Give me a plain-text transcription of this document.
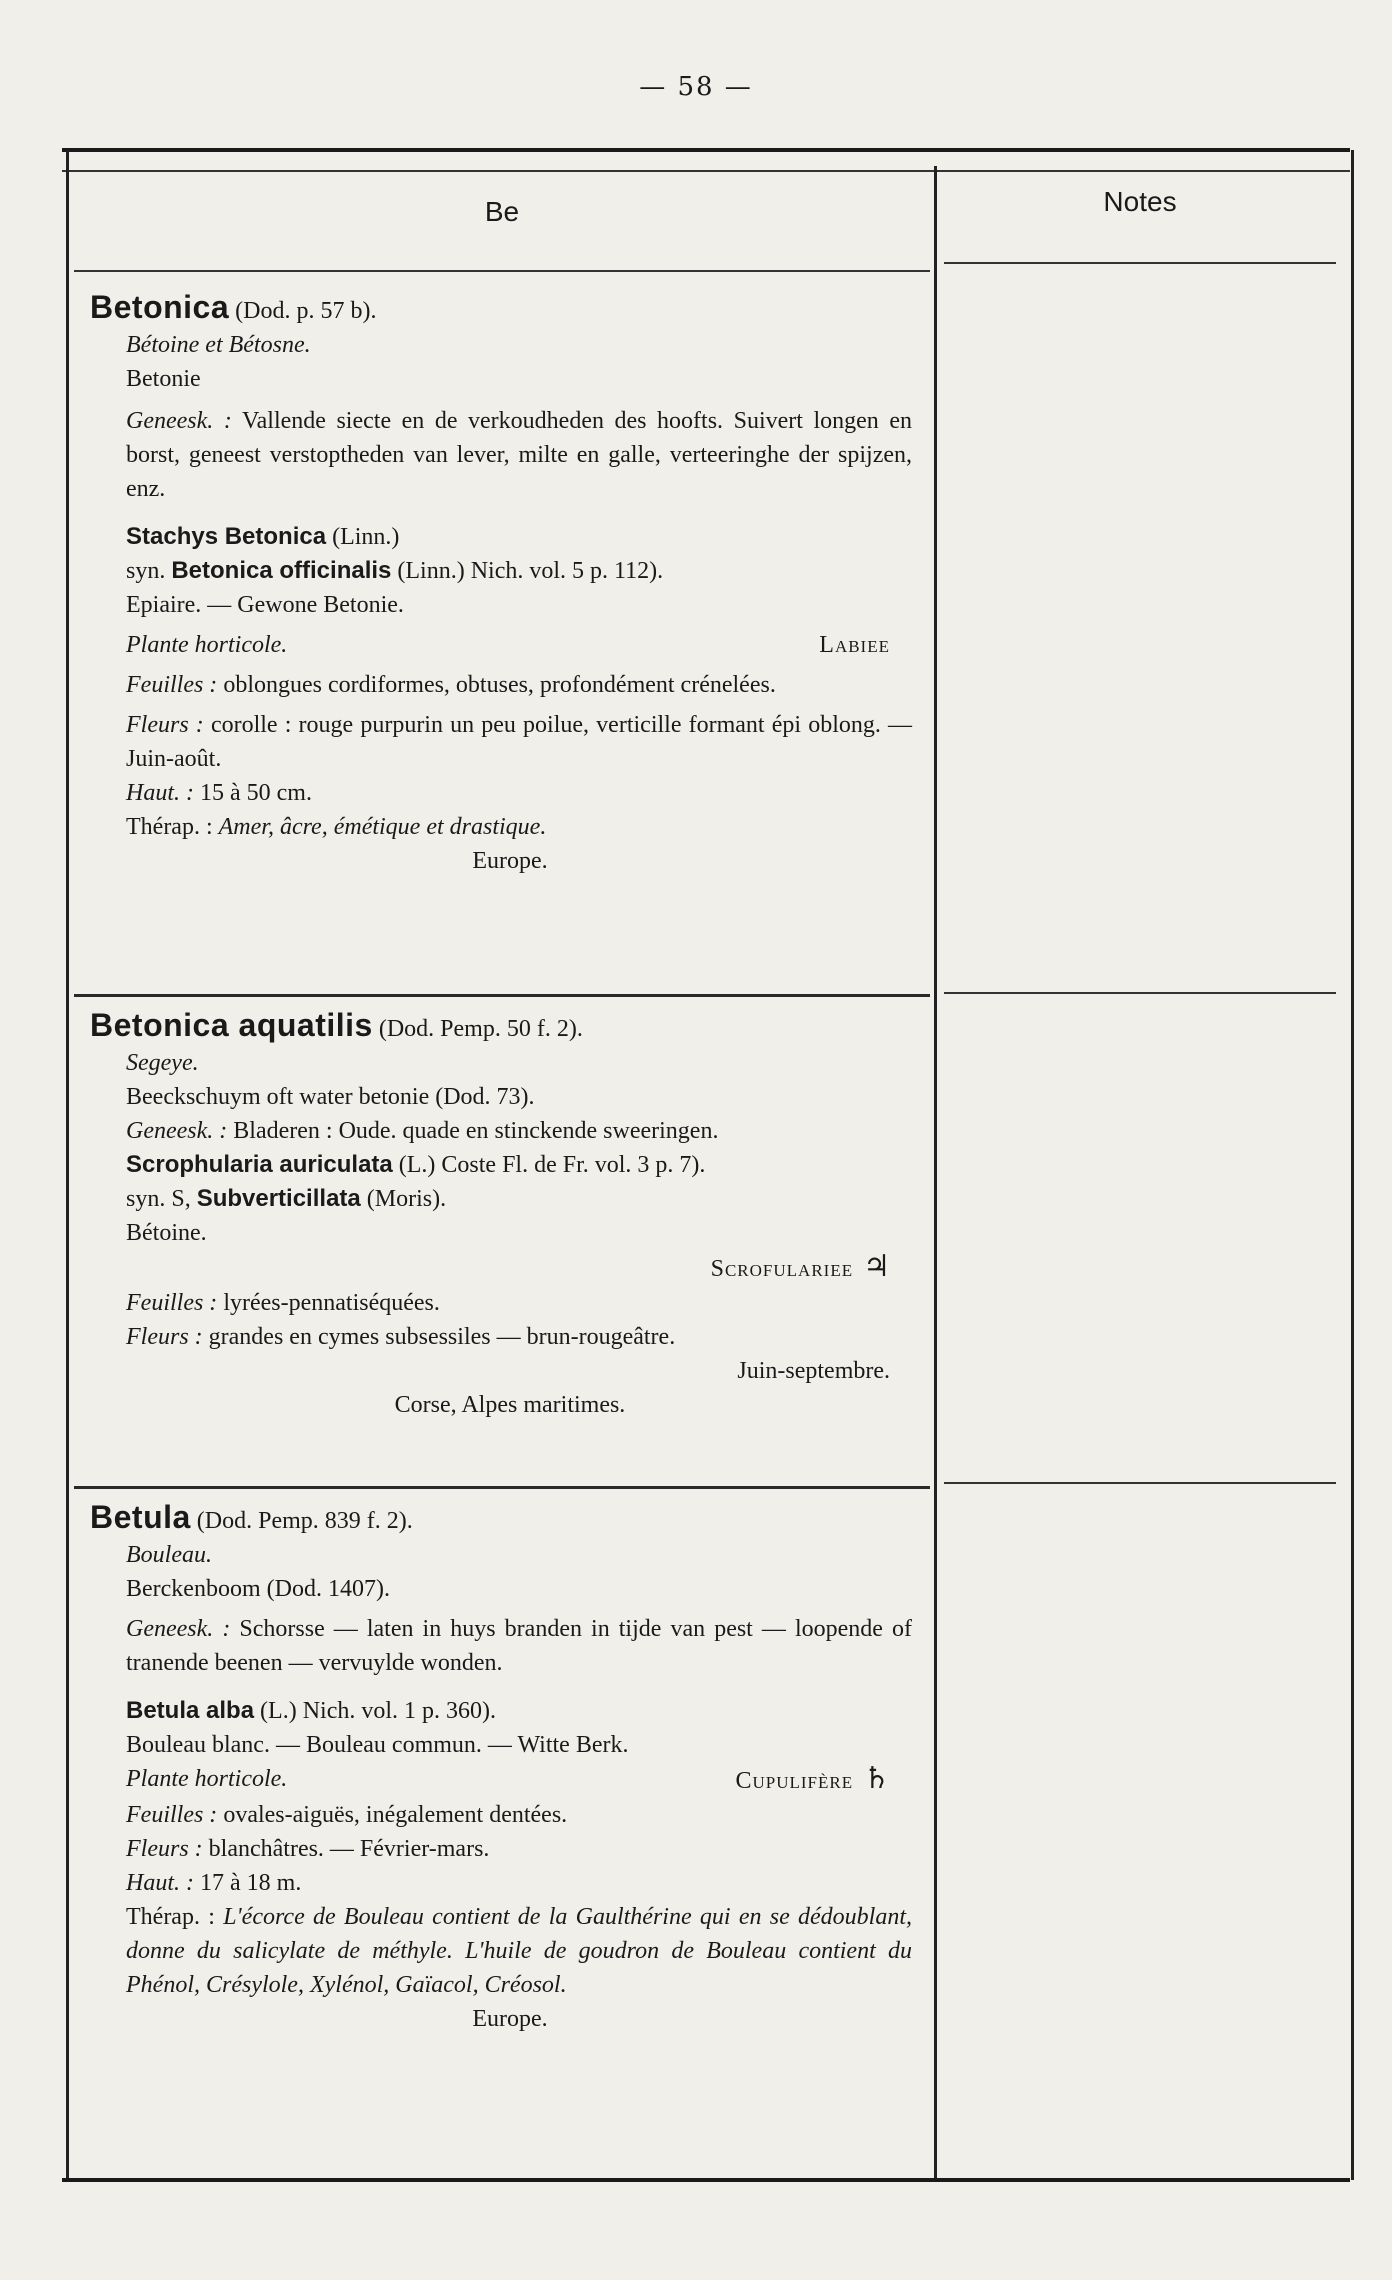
— 58 —
Be	Notes
Betonica (Dod. p. 57 b).
Bétoine et Bétosne.
Betonie
Geneesk. : Vallende siecte en de verkoudheden des hoofts. Suivert longen en borst, geneest verstoptheden van lever, milte en galle, verteeringhe der spijzen, enz.
Stachys Betonica (Linn.)
syn. Betonica officinalis (Linn.) Nich. vol. 5 p. 112).
Epiaire. — Gewone Betonie.
Plante horticole.	Labiee
Feuilles : oblongues cordiformes, obtuses, profondément crénelées.
Fleurs : corolle : rouge purpurin un peu poilue, verticille formant épi oblong. — Juin-août.
Haut. : 15 à 50 cm.
Thérap. : Amer, âcre, émétique et drastique.
Europe.
Betonica aquatilis (Dod. Pemp. 50 f. 2).
Segeye.
Beeckschuym oft water betonie (Dod. 73).
Geneesk. : Bladeren : Oude. quade en stinckende sweeringen.
Scrophularia auriculata (L.) Coste Fl. de Fr. vol. 3 p. 7).
syn. S, Subverticillata (Moris).
Bétoine.
Scrofulariee ♃
Feuilles : lyrées-pennatiséquées.
Fleurs : grandes en cymes subsessiles — brun-rougeâtre.
Juin-septembre.
Corse, Alpes maritimes.
Betula (Dod. Pemp. 839 f. 2).
Bouleau.
Berckenboom (Dod. 1407).
Geneesk. : Schorsse — laten in huys branden in tijde van pest — loopende of tranende beenen — vervuylde wonden.
Betula alba (L.) Nich. vol. 1 p. 360).
Bouleau blanc. — Bouleau commun. — Witte Berk.
Plante horticole.	Cupulifère ♄
Feuilles : ovales-aiguës, inégalement dentées.
Fleurs : blanchâtres. — Février-mars.
Haut. : 17 à 18 m.
Thérap. : L'écorce de Bouleau contient de la Gaulthérine qui en se dédoublant, donne du salicylate de méthyle. L'huile de goudron de Bouleau contient du Phénol, Crésylole, Xylénol, Gaïacol, Créosol.
Europe.
